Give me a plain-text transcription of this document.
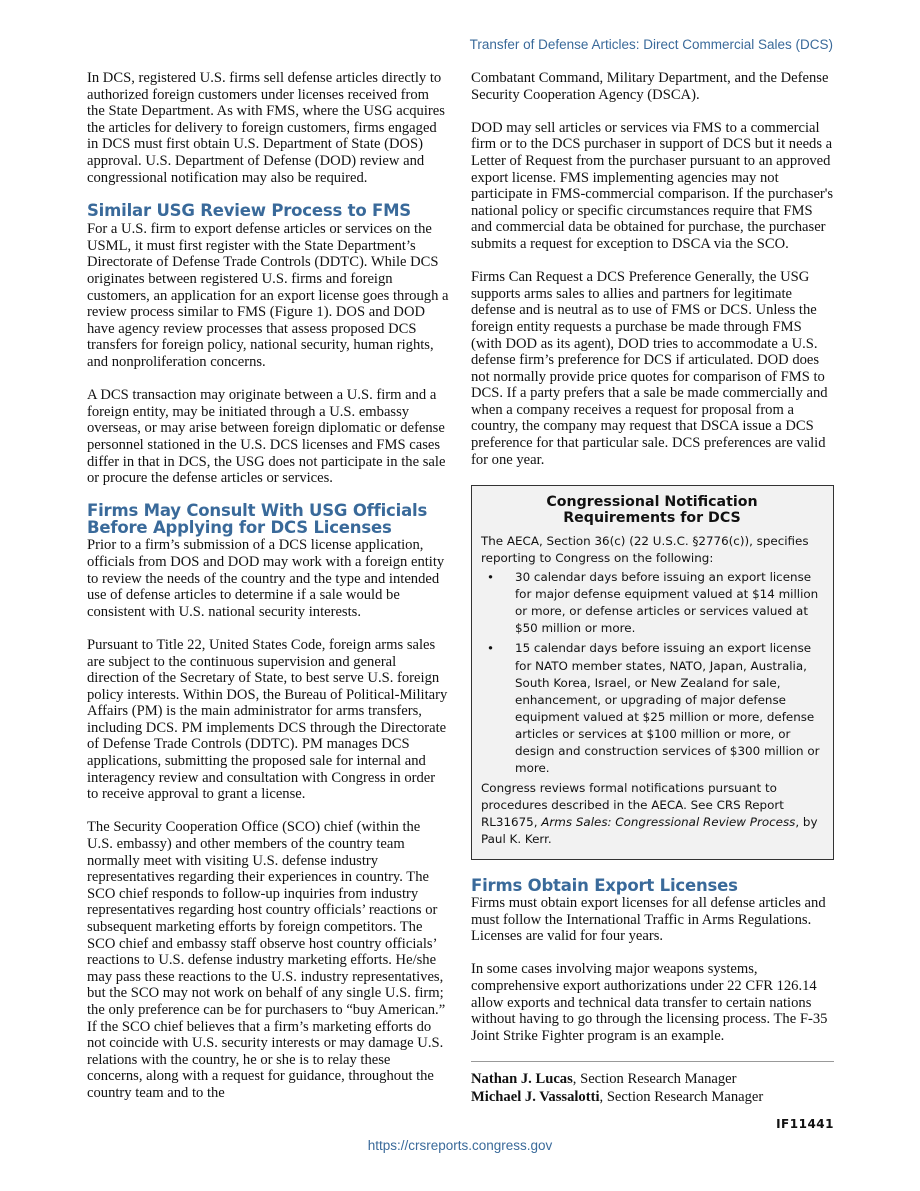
Transfer of Defense Articles: Direct Commercial Sales (DCS)

In DCS, registered U.S. firms sell defense articles directly to authorized foreign customers under licenses received from the State Department. As with FMS, where the USG acquires the articles for delivery to foreign customers, firms engaged in DCS must first obtain U.S. Department of State (DOS) approval. U.S. Department of Defense (DOD) review and congressional notification may also be required.

Similar USG Review Process to FMS

For a U.S. firm to export defense articles or services on the USML, it must first register with the State Department’s Directorate of Defense Trade Controls (DDTC). While DCS originates between registered U.S. firms and foreign customers, an application for an export license goes through a review process similar to FMS (Figure 1). DOS and DOD have agency review processes that assess proposed DCS transfers for foreign policy, national security, human rights, and nonproliferation concerns.

A DCS transaction may originate between a U.S. firm and a foreign entity, may be initiated through a U.S. embassy overseas, or may arise between foreign diplomatic or defense personnel stationed in the U.S. DCS licenses and FMS cases differ in that in DCS, the USG does not participate in the sale or procure the defense articles or services.

Firms May Consult With USG Officials Before Applying for DCS Licenses

Prior to a firm’s submission of a DCS license application, officials from DOS and DOD may work with a foreign entity to review the needs of the country and the type and intended use of defense articles to determine if a sale would be consistent with U.S. national security interests.

Pursuant to Title 22, United States Code, foreign arms sales are subject to the continuous supervision and general direction of the Secretary of State, to best serve U.S. foreign policy interests. Within DOS, the Bureau of Political-Military Affairs (PM) is the main administrator for arms transfers, including DCS. PM implements DCS through the Directorate of Defense Trade Controls (DDTC). PM manages DCS applications, submitting the proposed sale for internal and interagency review and consultation with Congress in order to receive approval to grant a license.

The Security Cooperation Office (SCO) chief (within the U.S. embassy) and other members of the country team normally meet with visiting U.S. defense industry representatives regarding their experiences in country. The SCO chief responds to follow-up inquiries from industry representatives regarding host country officials’ reactions or subsequent marketing efforts by foreign competitors. The SCO chief and embassy staff observe host country officials’ reactions to U.S. defense industry marketing efforts. He/she may pass these reactions to the U.S. industry representatives, but the SCO may not work on behalf of any single U.S. firm; the only preference can be for purchasers to “buy American.” If the SCO chief believes that a firm’s marketing efforts do not coincide with U.S. security interests or may damage U.S. relations with the country, he or she is to relay these concerns, along with a request for guidance, throughout the country team and to the

Combatant Command, Military Department, and the Defense Security Cooperation Agency (DSCA).

DOD may sell articles or services via FMS to a commercial firm or to the DCS purchaser in support of DCS but it needs a Letter of Request from the purchaser pursuant to an approved export license. FMS implementing agencies may not participate in FMS-commercial comparison. If the purchaser's national policy or specific circumstances require that FMS and commercial data be obtained for purchase, the purchaser submits a request for exception to DSCA via the SCO.

Firms Can Request a DCS Preference Generally, the USG supports arms sales to allies and partners for legitimate defense and is neutral as to use of FMS or DCS. Unless the foreign entity requests a purchase be made through FMS (with DOD as its agent), DOD tries to accommodate a U.S. defense firm’s preference for DCS if articulated. DOD does not normally provide price quotes for comparison of FMS to DCS. If a party prefers that a sale be made commercially and when a company receives a request for proposal from a country, the company may request that DSCA issue a DCS preference for that particular sale. DCS preferences are valid for one year.

Congressional Notification Requirements for DCS

The AECA, Section 36(c) (22 U.S.C. §2776(c)), specifies reporting to Congress on the following:

• 30 calendar days before issuing an export license for major defense equipment valued at $14 million or more, or defense articles or services valued at $50 million or more.
• 15 calendar days before issuing an export license for NATO member states, NATO, Japan, Australia, South Korea, Israel, or New Zealand for sale, enhancement, or upgrading of major defense equipment valued at $25 million or more, defense articles or services at $100 million or more, or design and construction services of $300 million or more.

Congress reviews formal notifications pursuant to procedures described in the AECA. See CRS Report RL31675, Arms Sales: Congressional Review Process, by Paul K. Kerr.

Firms Obtain Export Licenses

Firms must obtain export licenses for all defense articles and must follow the International Traffic in Arms Regulations. Licenses are valid for four years.

In some cases involving major weapons systems, comprehensive export authorizations under 22 CFR 126.14 allow exports and technical data transfer to certain nations without having to go through the licensing process. The F-35 Joint Strike Fighter program is an example.

Nathan J. Lucas, Section Research Manager
Michael J. Vassalotti, Section Research Manager
IF11441
https://crsreports.congress.gov
